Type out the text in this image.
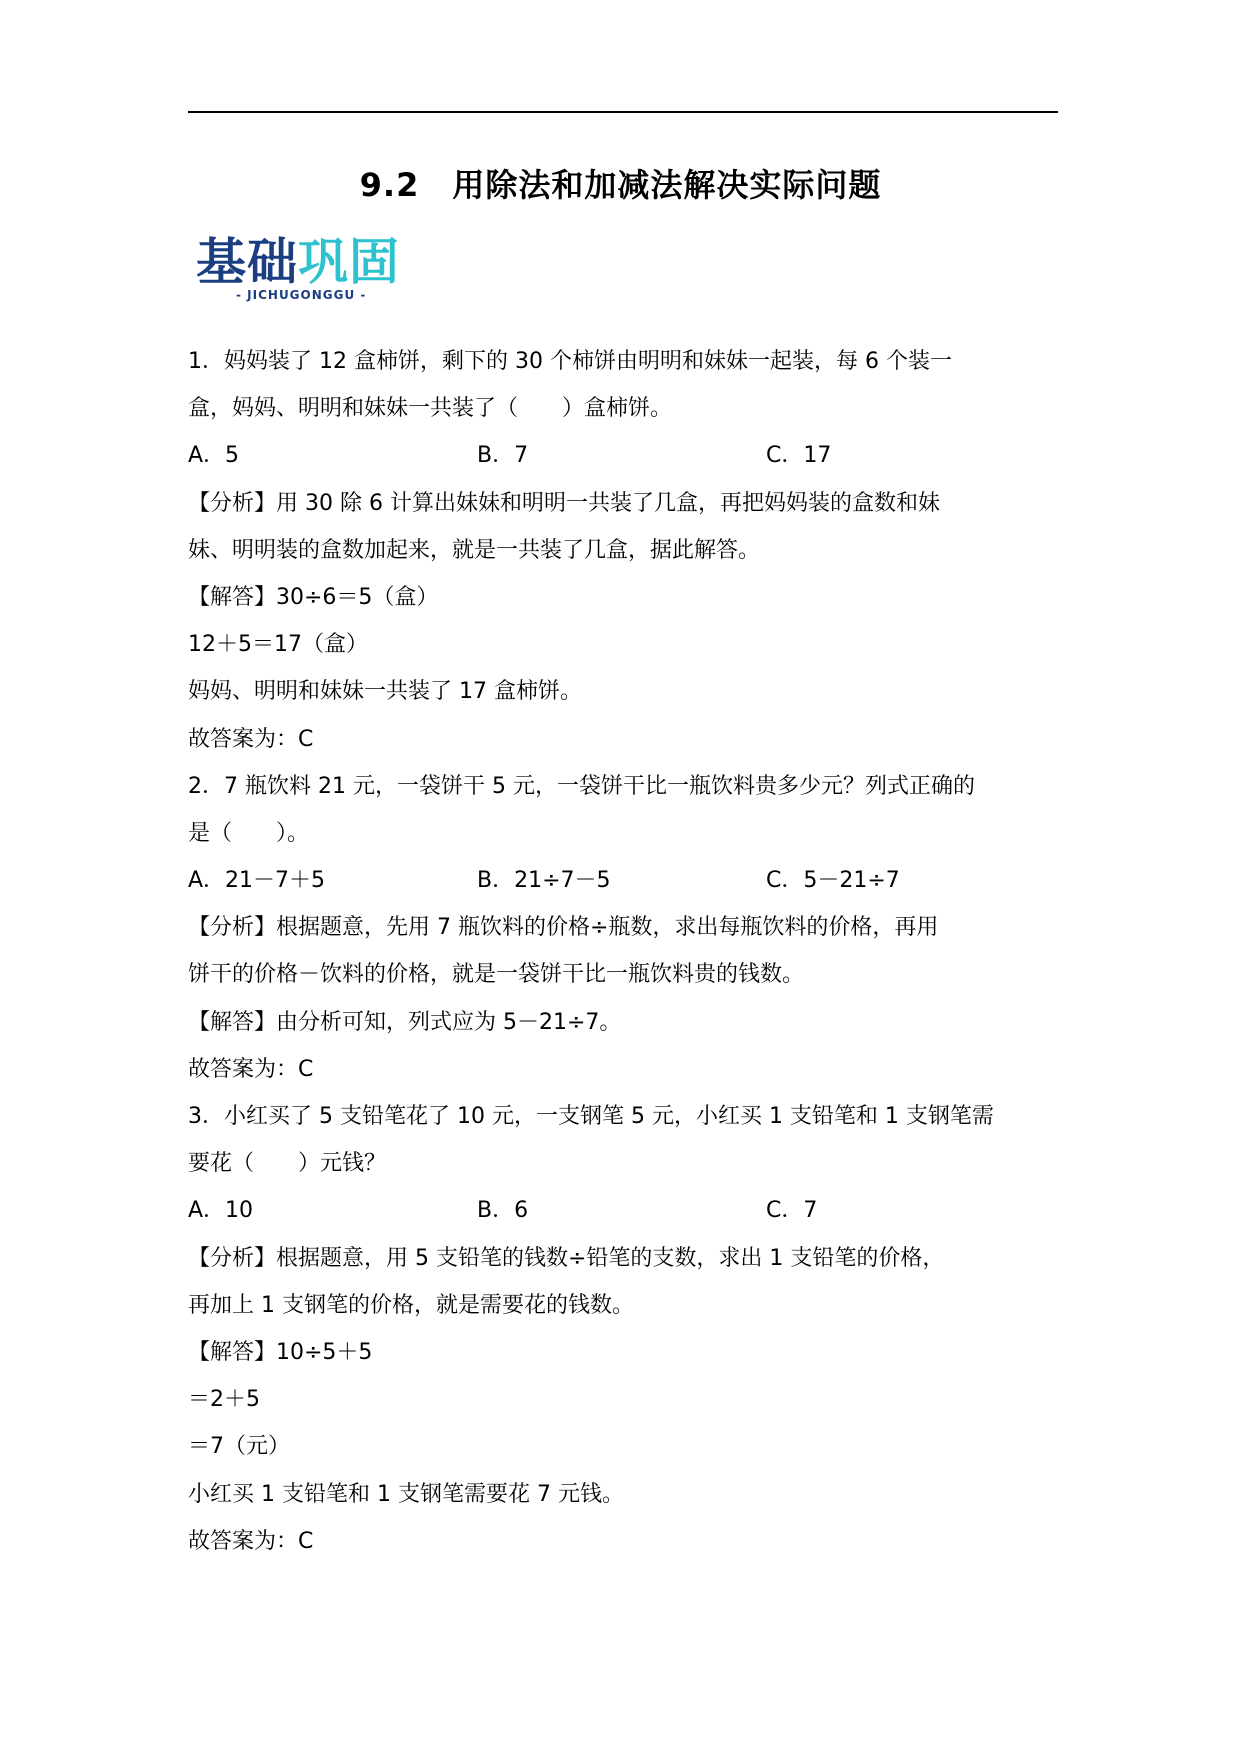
9.2　用除法和加减法解决实际问题
基础巩固
- JICHUGONGGU -
1．妈妈装了 12 盒柿饼，剩下的 30 个柿饼由明明和妹妹一起装，每 6 个装一
盒，妈妈、明明和妹妹一共装了（　　）盒柿饼。
A．5	B．7	C．17
【分析】用 30 除 6 计算出妹妹和明明一共装了几盒，再把妈妈装的盒数和妹
妹、明明装的盒数加起来，就是一共装了几盒，据此解答。
【解答】30÷6＝5（盒）
12＋5＝17（盒）
妈妈、明明和妹妹一共装了 17 盒柿饼。
故答案为：C
2．7 瓶饮料 21 元，一袋饼干 5 元，一袋饼干比一瓶饮料贵多少元？列式正确的
是（　　）。
A．21－7＋5	B．21÷7－5	C．5－21÷7
【分析】根据题意，先用 7 瓶饮料的价格÷瓶数，求出每瓶饮料的价格，再用
饼干的价格－饮料的价格，就是一袋饼干比一瓶饮料贵的钱数。
【解答】由分析可知，列式应为 5－21÷7。
故答案为：C
3．小红买了 5 支铅笔花了 10 元，一支钢笔 5 元，小红买 1 支铅笔和 1 支钢笔需
要花（　　）元钱？
A．10	B．6	C．7
【分析】根据题意，用 5 支铅笔的钱数÷铅笔的支数，求出 1 支铅笔的价格，
再加上 1 支钢笔的价格，就是需要花的钱数。
【解答】10÷5＋5
＝2＋5
＝7（元）
小红买 1 支铅笔和 1 支钢笔需要花 7 元钱。
故答案为：C
